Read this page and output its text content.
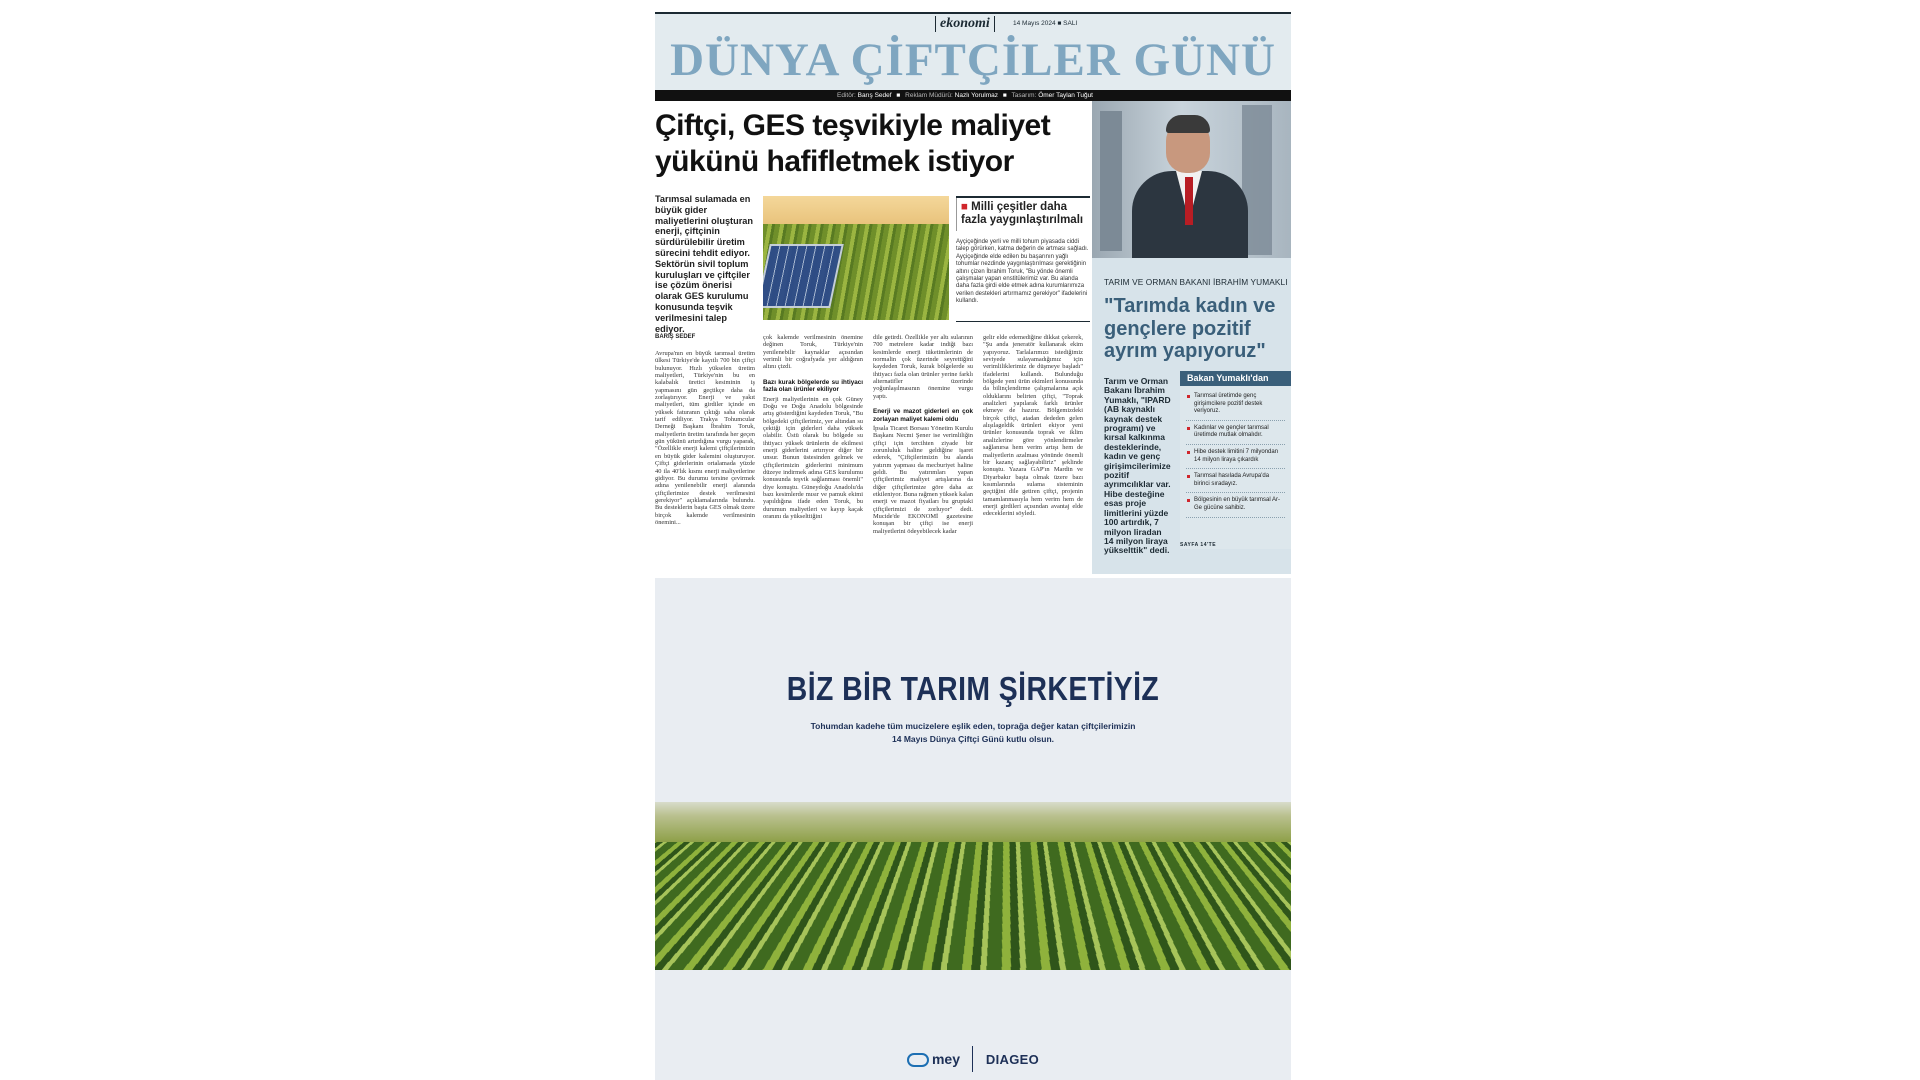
ekonomi	14 Mayıs 2024 ■ SALI
DÜNYA ÇİFTÇİLER GÜNÜ
Editör: Barış Sedef ■ Reklam Müdürü: Nazlı Yorulmaz ■ Tasarım: Ömer Taylan Tuğut
Çiftçi, GES teşvikiyle maliyet yükünü hafifletmek istiyor
Tarımsal sulamada en büyük gider maliyetlerini oluşturan enerji, çiftçinin sürdürülebilir üretim sürecini tehdit ediyor. Sektörün sivil toplum kuruluşları ve çiftçiler ise çözüm önerisi olarak GES kurulumu konusunda teşvik verilmesini talep ediyor.
■ Milli çeşitler daha fazla yaygınlaştırılmalı
Ayçiçeğinde yerli ve milli tohum piyasada ciddi talep görürken, katma değerin de artması sağladı. Ayçiçeğinde elde edilen bu başarının yağlı tohumlar nezdinde yaygınlaştırılması gerektiğinin altını çizen İbrahim Toruk, "Bu yönde önemli çalışmalar yapan enstitülerimiz var. Bu alanda daha fazla girdi elde etmek adına kurumlarımıza verilen destekleri artırmamız gerekiyor" ifadelerini kullandı.
BARIŞ SEDEF

Avrupa'nın en büyük tarımsal üretim ülkesi Türkiye'de kayıtlı 700 bin çiftçi bulunuyor. Hızlı yükselen üretim maliyetleri, Türkiye'nin bu en kalabalık üretici kesiminin iş yapmasını gün geçtikçe daha da zorlaştırıyor. Enerji ve yakıt maliyetleri, tüm girdiler içinde en yüksek faturanın çıktığı saha olarak tarif ediliyor. Trakya Tohumcular Derneği Başkanı İbrahim Toruk, maliyetlerin üretim tarafında her geçen gün yükünü artırdığına vurgu yaparak, "Özellikle enerji kalemi çiftçilerimizin en büyük gider kalemini oluşturuyor. Çiftçi giderlerinin ortalamada yüzde 40 ila 40'lık kısmı enerji maliyetlerine gidiyor. Bu durumu tersine çevirmek adına yenilenebilir enerji alanında çiftçilerimize destek verilmesini gerekiyor" açıklamalarında bulundu. Bu desteklerin başta GES olmak üzere birçok kalemde verilmesinin önemini...

çok kalemde verilmesinin önemine değinen Toruk, Türkiye'nin yenilenebilir kaynaklar açısından verimli bir coğrafyada yer aldığının altını çizdi.

Bazı kurak bölgelerde su ihtiyacı fazla olan ürünler ekiliyor

Enerji maliyetlerinin en çok Güney Doğu ve Doğu Anadolu bölgesinde artış gösterdiğini kaydeden Toruk, "Bu bölgedeki çiftçilerimiz, yer altından su çektiği için giderleri daha yüksek olabilir. Üstü olarak bu bölgede su ihtiyacı yüksek ürünlerin de ekilmesi enerji giderlerini artırıyor diğer bir unsur. Bunun üstesinden gelmek ve çiftçilerimizin giderlerini minimum düzeye indirmek adına GES kurulumu konusunda teşvik sağlanması önemli" diye konuştu. Güneydoğu Anadolu'da bazı kesimlerde mısır ve pamuk ekimi yapıldığına ifade eden Toruk, bu durumun maliyetleri ve kayıp kaçak oranını da yükselttiğini

dile getirdi. Özellikle yer altı sularının 700 metrelere kadar indiği bazı kesimlerde enerji tüketimlerinin de normalin çok üzerinde seyrettiğini kaydeden Toruk, kurak bölgelerde su ihtiyacı fazla olan ürünler yerine farklı alternatifler üzerinde yoğunlaşılmasının önemine vurgu yaptı.

Enerji ve mazot giderleri en çok zorlayan maliyet kalemi oldu

İpsala Ticaret Borsası Yönetim Kurulu Başkanı Necmi Şener ise verimliliğin çiftçi için tercihten ziyade bir zorunluluk haline geldiğine işaret ederek, "Çiftçilerimizin bu alanda yatırım yapması da mecburiyet haline geldi. Bu yatırımları yapan çiftçilerimiz maliyet artışlarına da diğer çiftçilerimize göre daha az etkileniyor. Buna rağmen yüksek kalan enerji ve mazot fiyatları bu gruptaki çiftçilerimizi de zorluyor" dedi. Mucide'de EKONOMİ gazetesine konuşan bir çiftçi ise enerji maliyetlerini ödeyebilecek kadar

gelir elde edemediğine dikkat çekerek, "Şu anda jeneratör kullanarak ekim yapıyoruz. Tarlalarımızı istediğimiz seviyede sulayamadığımız için verimliliklerimiz de düşmeye başladı" ifadelerini kullandı. Bulunduğu bölgede yeni ürün ekimleri konusunda da bilinçlendirme çalışmalarına açık olduklarını belirten çiftçi, "Toprak analizleri yapılarak farklı ürünler ekmeye de hazırız. Bölgemizdeki birçok çiftçi, atadan dededen gelen alışılageldik ürünleri ekiyor yeni ürünler konusunda toprak ve iklim analizlerine göre yönlendirmeler sağlanırsa hem verim artışı hem de maliyetlerin azalması yönünde önemli bir kazanç sağlayabiliriz" şeklinde konuştu. Yazara GAP'ın Mardin ve Diyarbakır başta olmak üzere bazı kısımlarında sulama sisteminin geçtiğini dile getiren çiftçi, projenin tamamlanmasıyla hem verim hem de enerji girdileri açısından avantaj elde edeceklerini söyledi.

TARIM VE ORMAN BAKANI İBRAHİM YUMAKLI
"Tarımda kadın ve gençlere pozitif ayrım yapıyoruz"
Tarım ve Orman Bakanı İbrahim Yumaklı, "IPARD (AB kaynaklı kaynak destek programı) ve kırsal kalkınma desteklerinde, kadın ve genç girişimcilerimize pozitif ayrımcılıklar var. Hibe desteğine esas proje limitlerini yüzde 100 artırdık, 7 milyon liradan 14 milyon liraya yükselttik" dedi.
Bakan Yumaklı'dan
Tarımsal üretimde genç girişimcilere pozitif destek veriyoruz.
Kadınlar ve gençler tarımsal üretimde mutlak olmalıdır.
Hibe destek limitini 7 milyondan 14 milyon liraya çıkardık
Tarımsal hasılada Avrupa'da birinci sıradayız.
Bölgesinin en büyük tarımsal Ar-Ge gücüne sahibiz.
SAYFA 14'TE
BİZ BİR TARIM ŞİRKETİYİZ
Tohumdan kadehe tüm mucizelere eşlik eden, toprağa değer katan çiftçilerimizin
14 Mayıs Dünya Çiftçi Günü kutlu olsun.
mey DIAGEO
